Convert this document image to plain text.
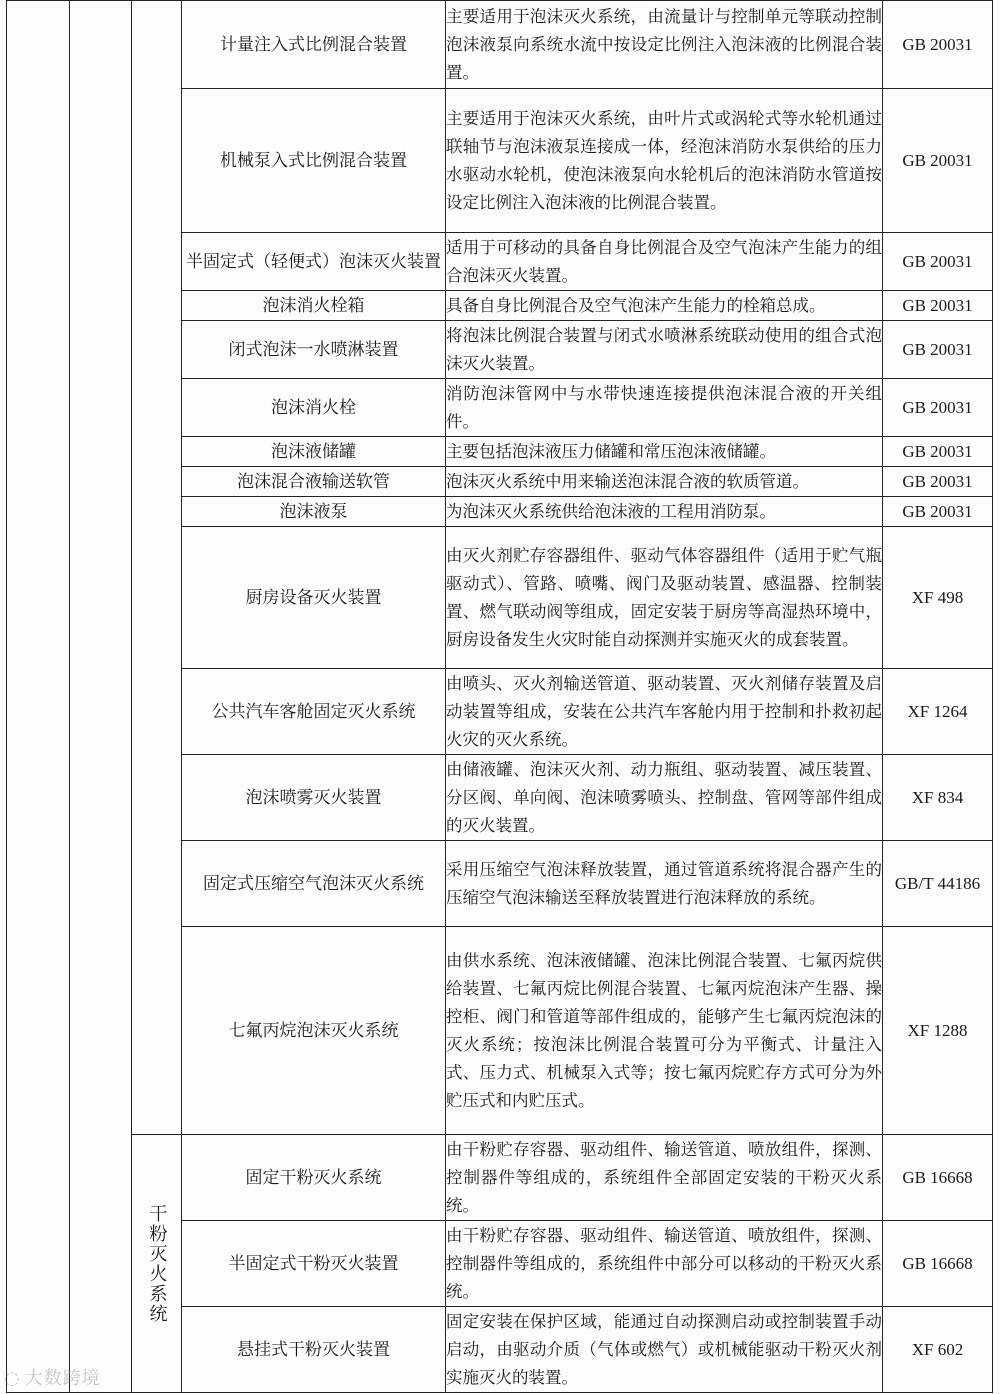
			计量注入式比例混合装置	主要适用于泡沫灭火系统，由流量计与控制单元等联动控制泡沫液泵向系统水流中按设定比例注入泡沫液的比例混合装置。	GB 20031
			机械泵入式比例混合装置	主要适用于泡沫灭火系统，由叶片式或涡轮式等水轮机通过联轴节与泡沫液泵连接成一体，经泡沫消防水泵供给的压力水驱动水轮机，使泡沫液泵向水轮机后的泡沫消防水管道按设定比例注入泡沫液的比例混合装置。	GB 20031
			半固定式（轻便式）泡沫灭火装置	适用于可移动的具备自身比例混合及空气泡沫产生能力的组合泡沫灭火装置。	GB 20031
			泡沫消火栓箱	具备自身比例混合及空气泡沫产生能力的栓箱总成。	GB 20031
			闭式泡沫一水喷淋装置	将泡沫比例混合装置与闭式水喷淋系统联动使用的组合式泡沫灭火装置。	GB 20031
			泡沫消火栓	消防泡沫管网中与水带快速连接提供泡沫混合液的开关组件。	GB 20031
			泡沫液储罐	主要包括泡沫液压力储罐和常压泡沫液储罐。	GB 20031
			泡沫混合液输送软管	泡沫灭火系统中用来输送泡沫混合液的软质管道。	GB 20031
			泡沫液泵	为泡沫灭火系统供给泡沫液的工程用消防泵。	GB 20031
			厨房设备灭火装置	由灭火剂贮存容器组件、驱动气体容器组件（适用于贮气瓶驱动式）、管路、喷嘴、阀门及驱动装置、感温器、控制装置、燃气联动阀等组成，固定安装于厨房等高湿热环境中，厨房设备发生火灾时能自动探测并实施灭火的成套装置。	XF 498
			公共汽车客舱固定灭火系统	由喷头、灭火剂输送管道、驱动装置、灭火剂储存装置及启动装置等组成，安装在公共汽车客舱内用于控制和扑救初起火灾的灭火系统。	XF 1264
			泡沫喷雾灭火装置	由储液罐、泡沫灭火剂、动力瓶组、驱动装置、减压装置、分区阀、单向阀、泡沫喷雾喷头、控制盘、管网等部件组成的灭火装置。	XF 834
			固定式压缩空气泡沫灭火系统	采用压缩空气泡沫释放装置，通过管道系统将混合器产生的压缩空气泡沫输送至释放装置进行泡沫释放的系统。	GB/T 44186
			七氟丙烷泡沫灭火系统	由供水系统、泡沫液储罐、泡沫比例混合装置、七氟丙烷供给装置、七氟丙烷比例混合装置、七氟丙烷泡沫产生器、操控柜、阀门和管道等部件组成的，能够产生七氟丙烷泡沫的灭火系统；按泡沫比例混合装置可分为平衡式、计量注入式、压力式、机械泵入式等；按七氟丙烷贮存方式可分为外贮压式和内贮压式。	XF 1288
		干粉灭火系统	固定干粉灭火系统	由干粉贮存容器、驱动组件、输送管道、喷放组件，探测、控制器件等组成的，系统组件全部固定安装的干粉灭火系统。	GB 16668
			半固定式干粉灭火装置	由干粉贮存容器、驱动组件、输送管道、喷放组件，探测、控制器件等组成的，系统组件中部分可以移动的干粉灭火系统。	GB 16668
			悬挂式干粉灭火装置	固定安装在保护区域，能通过自动探测启动或控制装置手动启动，由驱动介质（气体或燃气）或机械能驱动干粉灭火剂实施灭火的装置。	XF 602
◌ 大数跨境
